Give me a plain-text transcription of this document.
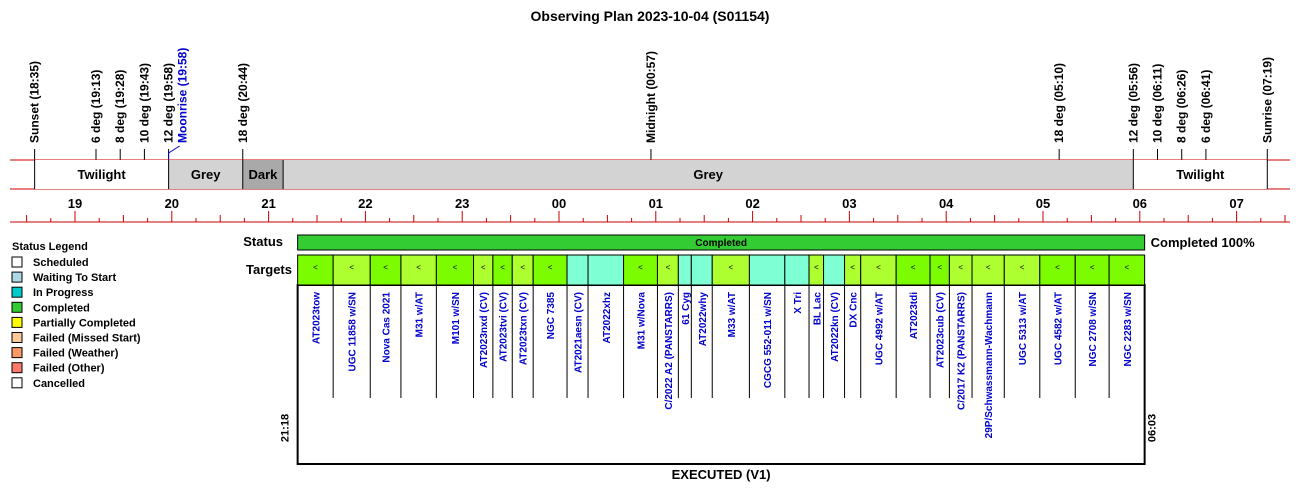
Observing Plan 2023-10-04 (S01154)
Sunset (18:35)	6 deg (19:13) 8 deg (19:28) 10 deg (19:43) 12 deg (19:58) Moonrise (19:58)	18 deg (20:44)	Midnight (00:57)	18 deg (05:10)	12 deg (05:56) 10 deg (06:11) 8 deg (06:26) 6 deg (06:41)	Sunrise (07:19)
Twilight	Grey Dark	Grey	Twilight
19	20	21	22	23	00	01	02	03	04	05	06	07
Status Legend
Scheduled
Waiting To Start
In Progress
Completed
Partially Completed
Failed (Missed Start)
Failed (Weather)
Failed (Other)
Cancelled
Status	Completed	Completed 100%
Targets	<
AT2023tow
<
UGC 11858 w/SN
<
Nova Cas 2021
<
M31 w/AT
<
M101 w/SN
<
AT2023nxd (CV)
<
AT2023tvi (CV)
<
AT2023txn (CV)
<
NGC 7385 AT2021aesn (CV) AT2022xhz
<
M31 w/Nova
<
C/2022 A2 (PANSTARRS) 61 Cyg AT2022why
<
M33 w/AT	CGCG 552-011 w/SN X Tri
<
BL Lac AT2022kn (CV)
<
DX Cnc
<
UGC 4992 w/AT
<
AT2023tdi
<
AT2023cub (CV)
<
C/2017 K2 (PANSTARRS)
<
29P/Schwassmann-Wachmann
<
UGC 5313 w/AT
<
UGC 4582 w/AT
<
NGC 2708 w/SN
<
NGC 2283 w/SN
21:18	06:03
EXECUTED (V1)
